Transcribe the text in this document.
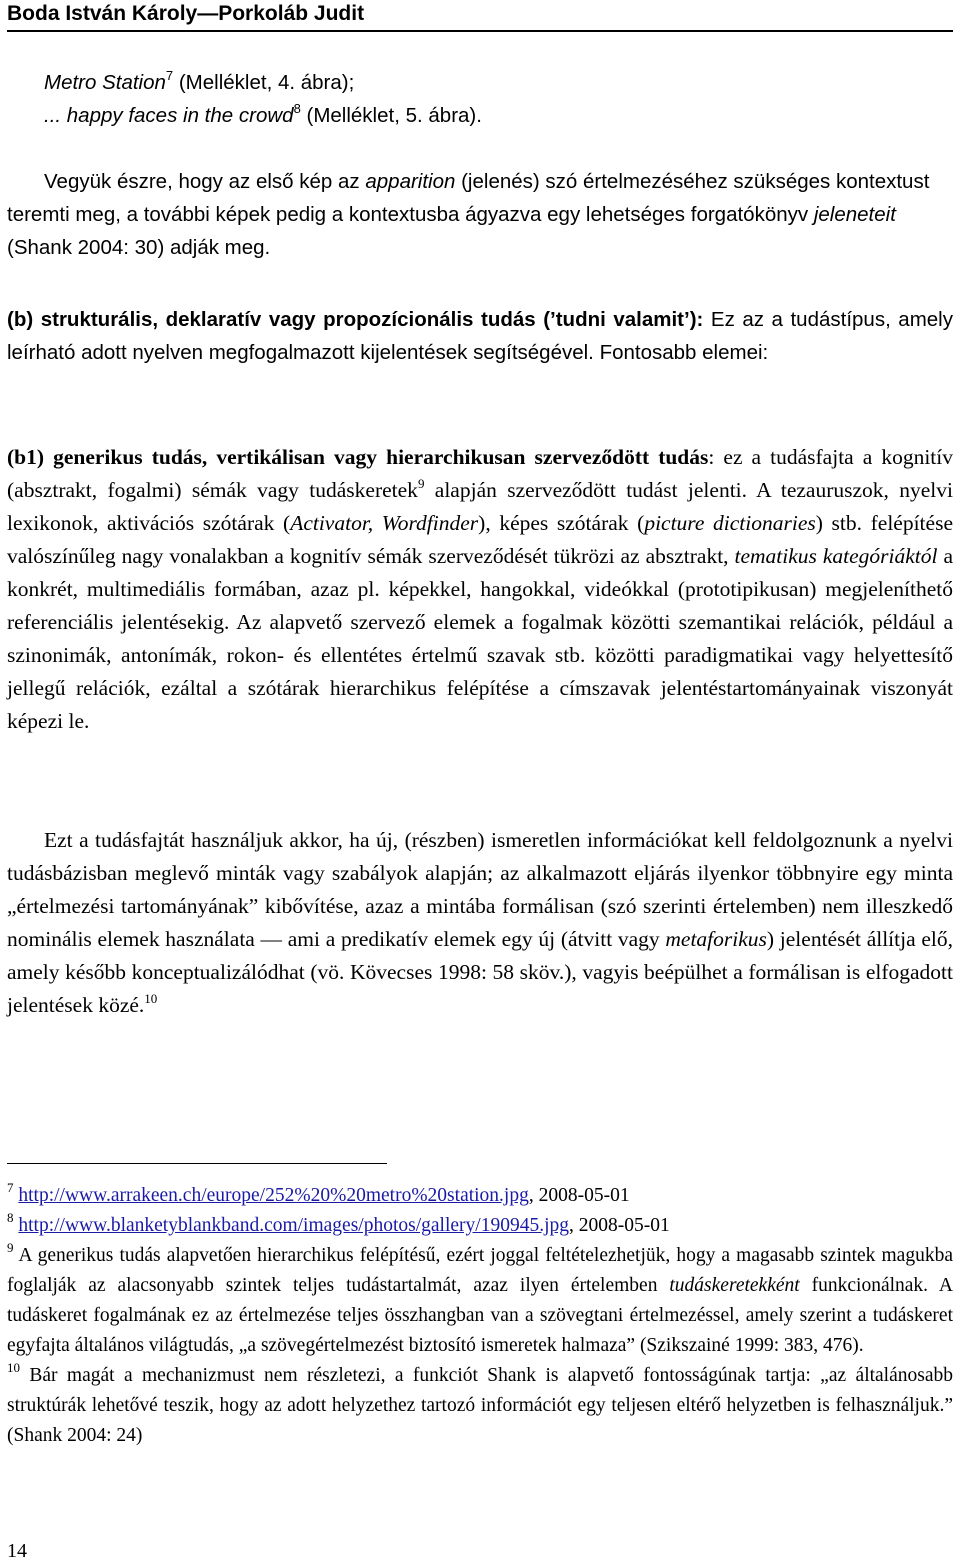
Boda István Károly—Porkoláb Judit
Metro Station$^7$ (Melléklet, 4. ábra);
... happy faces in the crowd$^8$ (Melléklet, 5. ábra).

Vegyük észre, hogy az első kép az apparition (jelenés) szó értelmezéséhez szükséges kontextust teremti meg, a további képek pedig a kontextusba ágyazva egy lehetséges forgatókönyv jeleneteit (Shank 2004: 30) adják meg.

(b) strukturális, deklaratív vagy propozícionális tudás (’tudni valamit’): Ez az a tudástípus, amely leírható adott nyelven megfogalmazott kijelentések segítségével. Fontosabb elemei:

(b1) generikus tudás, vertikálisan vagy hierarchikusan szerveződött tudás: ez a tudásfajta a kognitív (absztrakt, fogalmi) sémák vagy tudáskeretek$^9$ alapján szerveződött tudást jelenti. A tezauruszok, nyelvi lexikonok, aktivációs szótárak (Activator, Wordfinder), képes szótárak (picture dictionaries) stb. felépítése valószínűleg nagy vonalakban a kognitív sémák szerveződését tükrözi az absztrakt, tematikus kategóriáktól a konkrét, multimediális formában, azaz pl. képekkel, hangokkal, videókkal (prototipikusan) megjeleníthető referenciális jelentésekig. Az alapvető szervező elemek a fogalmak közötti szemantikai relációk, például a szinonimák, antonímák, rokon- és ellentétes értelmű szavak stb. közötti paradigmatikai vagy helyettesítő jellegű relációk, ezáltal a szótárak hierarchikus felépítése a címszavak jelentéstartományainak viszonyát képezi le.

Ezt a tudásfajtát használjuk akkor, ha új, (részben) ismeretlen információkat kell feldolgoznunk a nyelvi tudásbázisban meglevő minták vagy szabályok alapján; az alkalmazott eljárás ilyenkor többnyire egy minta „értelmezési tartományának” kibővítése, azaz a mintába formálisan (szó szerinti értelemben) nem illeszkedő nominális elemek használata — ami a predikatív elemek egy új (átvitt vagy metaforikus) jelentését állítja elő, amely később konceptualizálódhat (vö. Kövecses 1998: 58 sköv.), vagyis beépülhet a formálisan is elfogadott jelentések közé.$^{10}$

$^7$ http://www.arrakeen.ch/europe/252%20%20metro%20station.jpg, 2008-05-01

$^8$ http://www.blanketyblankband.com/images/photos/gallery/190945.jpg, 2008-05-01

$^9$ A generikus tudás alapvetően hierarchikus felépítésű, ezért joggal feltételezhetjük, hogy a magasabb szintek magukba foglalják az alacsonyabb szintek teljes tudástartalmát, azaz ilyen értelemben tudáskeretekként funkcionálnak. A tudáskeret fogalmának ez az értelmezése teljes összhangban van a szövegtani értelmezéssel, amely szerint a tudáskeret egyfajta általános világtudás, „a szövegértelmezést biztosító ismeretek halmaza” (Szikszainé 1999: 383, 476).

$^{10}$ Bár magát a mechanizmust nem részletezi, a funkciót Shank is alapvető fontosságúnak tartja: „az általánosabb struktúrák lehetővé teszik, hogy az adott helyzethez tartozó információt egy teljesen eltérő helyzetben is felhasználjuk.” (Shank 2004: 24)

14
